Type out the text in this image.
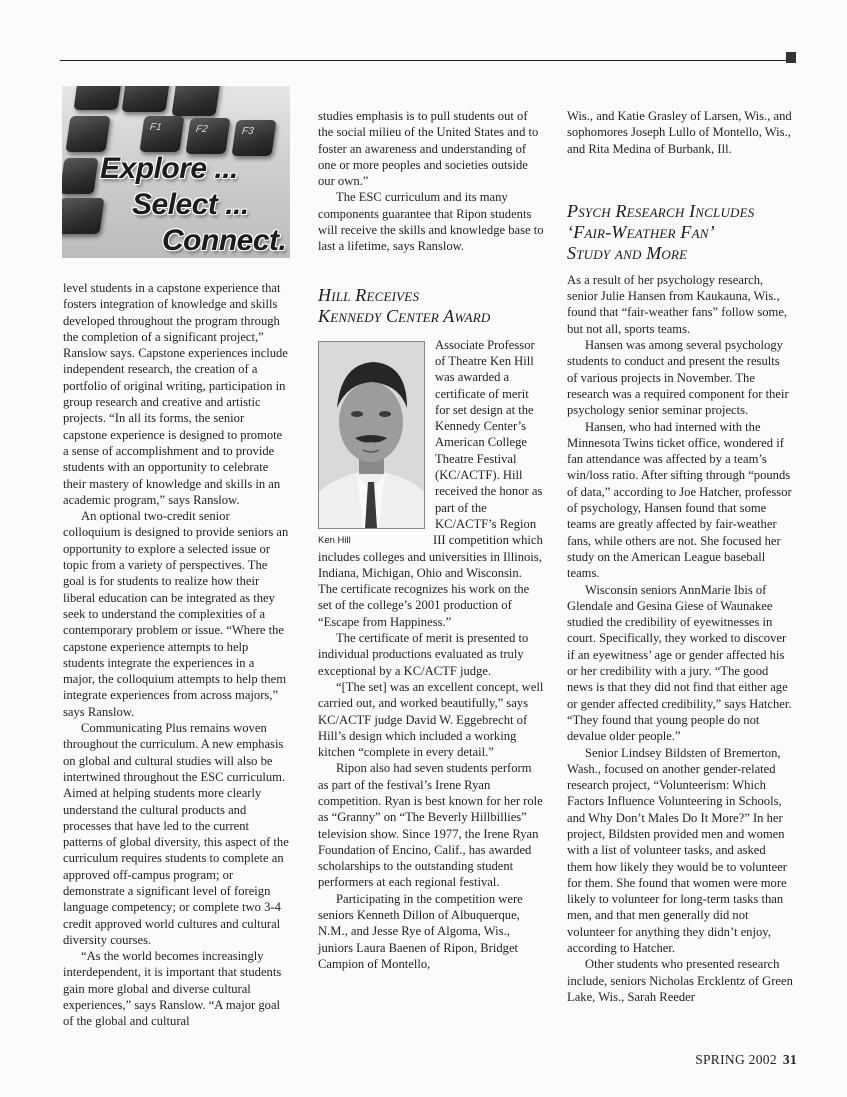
F1	F2	F3
Explore ...
Select ...
Connect.

level students in a capstone experience that fosters integration of knowledge and skills developed throughout the program through the completion of a significant project,” Ranslow says. Capstone experiences include independent research, the creation of a portfolio of original writing, participation in group research and creative and artistic projects. “In all its forms, the senior capstone experience is designed to promote a sense of accomplishment and to provide students with an opportunity to celebrate their mastery of knowledge and skills in an academic program,” says Ranslow.

An optional two-credit senior colloquium is designed to provide seniors an opportunity to explore a selected issue or topic from a variety of perspectives. The goal is for students to realize how their liberal education can be integrated as they seek to understand the complexities of a contemporary problem or issue. “Where the capstone experience attempts to help students integrate the experiences in a major, the colloquium attempts to help them integrate experiences from across majors,” says Ranslow.

Communicating Plus remains woven throughout the curriculum. A new emphasis on global and cultural studies will also be intertwined throughout the ESC curriculum. Aimed at helping students more clearly understand the cultural products and processes that have led to the current patterns of global diversity, this aspect of the curriculum requires students to complete an approved off-campus program; or demonstrate a significant level of foreign language competency; or complete two 3-4 credit approved world cultures and cultural diversity courses.

“As the world becomes increasingly interdependent, it is important that students gain more global and diverse cultural experiences,” says Ranslow. “A major goal of the global and cultural

studies emphasis is to pull students out of the social milieu of the United States and to foster an awareness and understanding of one or more peoples and societies outside our own.”

The ESC curriculum and its many components guarantee that Ripon students will receive the skills and knowledge base to last a lifetime, says Ranslow.

Hill Receives
Kennedy Center Award

Ken Hill
Associate Professor of Theatre Ken Hill was awarded a certificate of merit for set design at the Kennedy Center’s American College Theatre Festival (KC/ACTF). Hill received the honor as part of the KC/ACTF’s Region III competition which includes colleges and universities in Illinois, Indiana, Michigan, Ohio and Wisconsin. The certificate recognizes his work on the set of the college’s 2001 production of “Escape from Happiness.”

The certificate of merit is presented to individual productions evaluated as truly exceptional by a KC/ACTF judge.

“[The set] was an excellent concept, well carried out, and worked beautifully,” says KC/ACTF judge David W. Eggebrecht of Hill’s design which included a working kitchen “complete in every detail.”

Ripon also had seven students perform as part of the festival’s Irene Ryan competition. Ryan is best known for her role as “Granny” on “The Beverly Hillbillies” television show. Since 1977, the Irene Ryan Foundation of Encino, Calif., has awarded scholarships to the outstanding student performers at each regional festival.

Participating in the competition were seniors Kenneth Dillon of Albuquerque, N.M., and Jesse Rye of Algoma, Wis., juniors Laura Baenen of Ripon, Bridget Campion of Montello,

Wis., and Katie Grasley of Larsen, Wis., and sophomores Joseph Lullo of Montello, Wis., and Rita Medina of Burbank, Ill.

Psych Research Includes
‘Fair-Weather Fan’
Study and More

As a result of her psychology research, senior Julie Hansen from Kaukauna, Wis., found that “fair-weather fans” follow some, but not all, sports teams.

Hansen was among several psychology students to conduct and present the results of various projects in November. The research was a required component for their psychology senior seminar projects.

Hansen, who had interned with the Minnesota Twins ticket office, wondered if fan attendance was affected by a team’s win/loss ratio. After sifting through “pounds of data,” according to Joe Hatcher, professor of psychology, Hansen found that some teams are greatly affected by fair-weather fans, while others are not. She focused her study on the American League baseball teams.

Wisconsin seniors AnnMarie Ibis of Glendale and Gesina Giese of Waunakee studied the credibility of eyewitnesses in court. Specifically, they worked to discover if an eyewitness’ age or gender affected his or her credibility with a jury. “The good news is that they did not find that either age or gender affected credibility,” says Hatcher. “They found that young people do not devalue older people.”

Senior Lindsey Bildsten of Bremerton, Wash., focused on another gender-related research project, “Volunteerism: Which Factors Influence Volunteering in Schools, and Why Don’t Males Do It More?” In her project, Bildsten provided men and women with a list of volunteer tasks, and asked them how likely they would be to volunteer for them. She found that women were more likely to volunteer for long-term tasks than men, and that men generally did not volunteer for anything they didn’t enjoy, according to Hatcher.

Other students who presented research include, seniors Nicholas Ercklentz of Green Lake, Wis., Sarah Reeder

SPRING 2002 31
